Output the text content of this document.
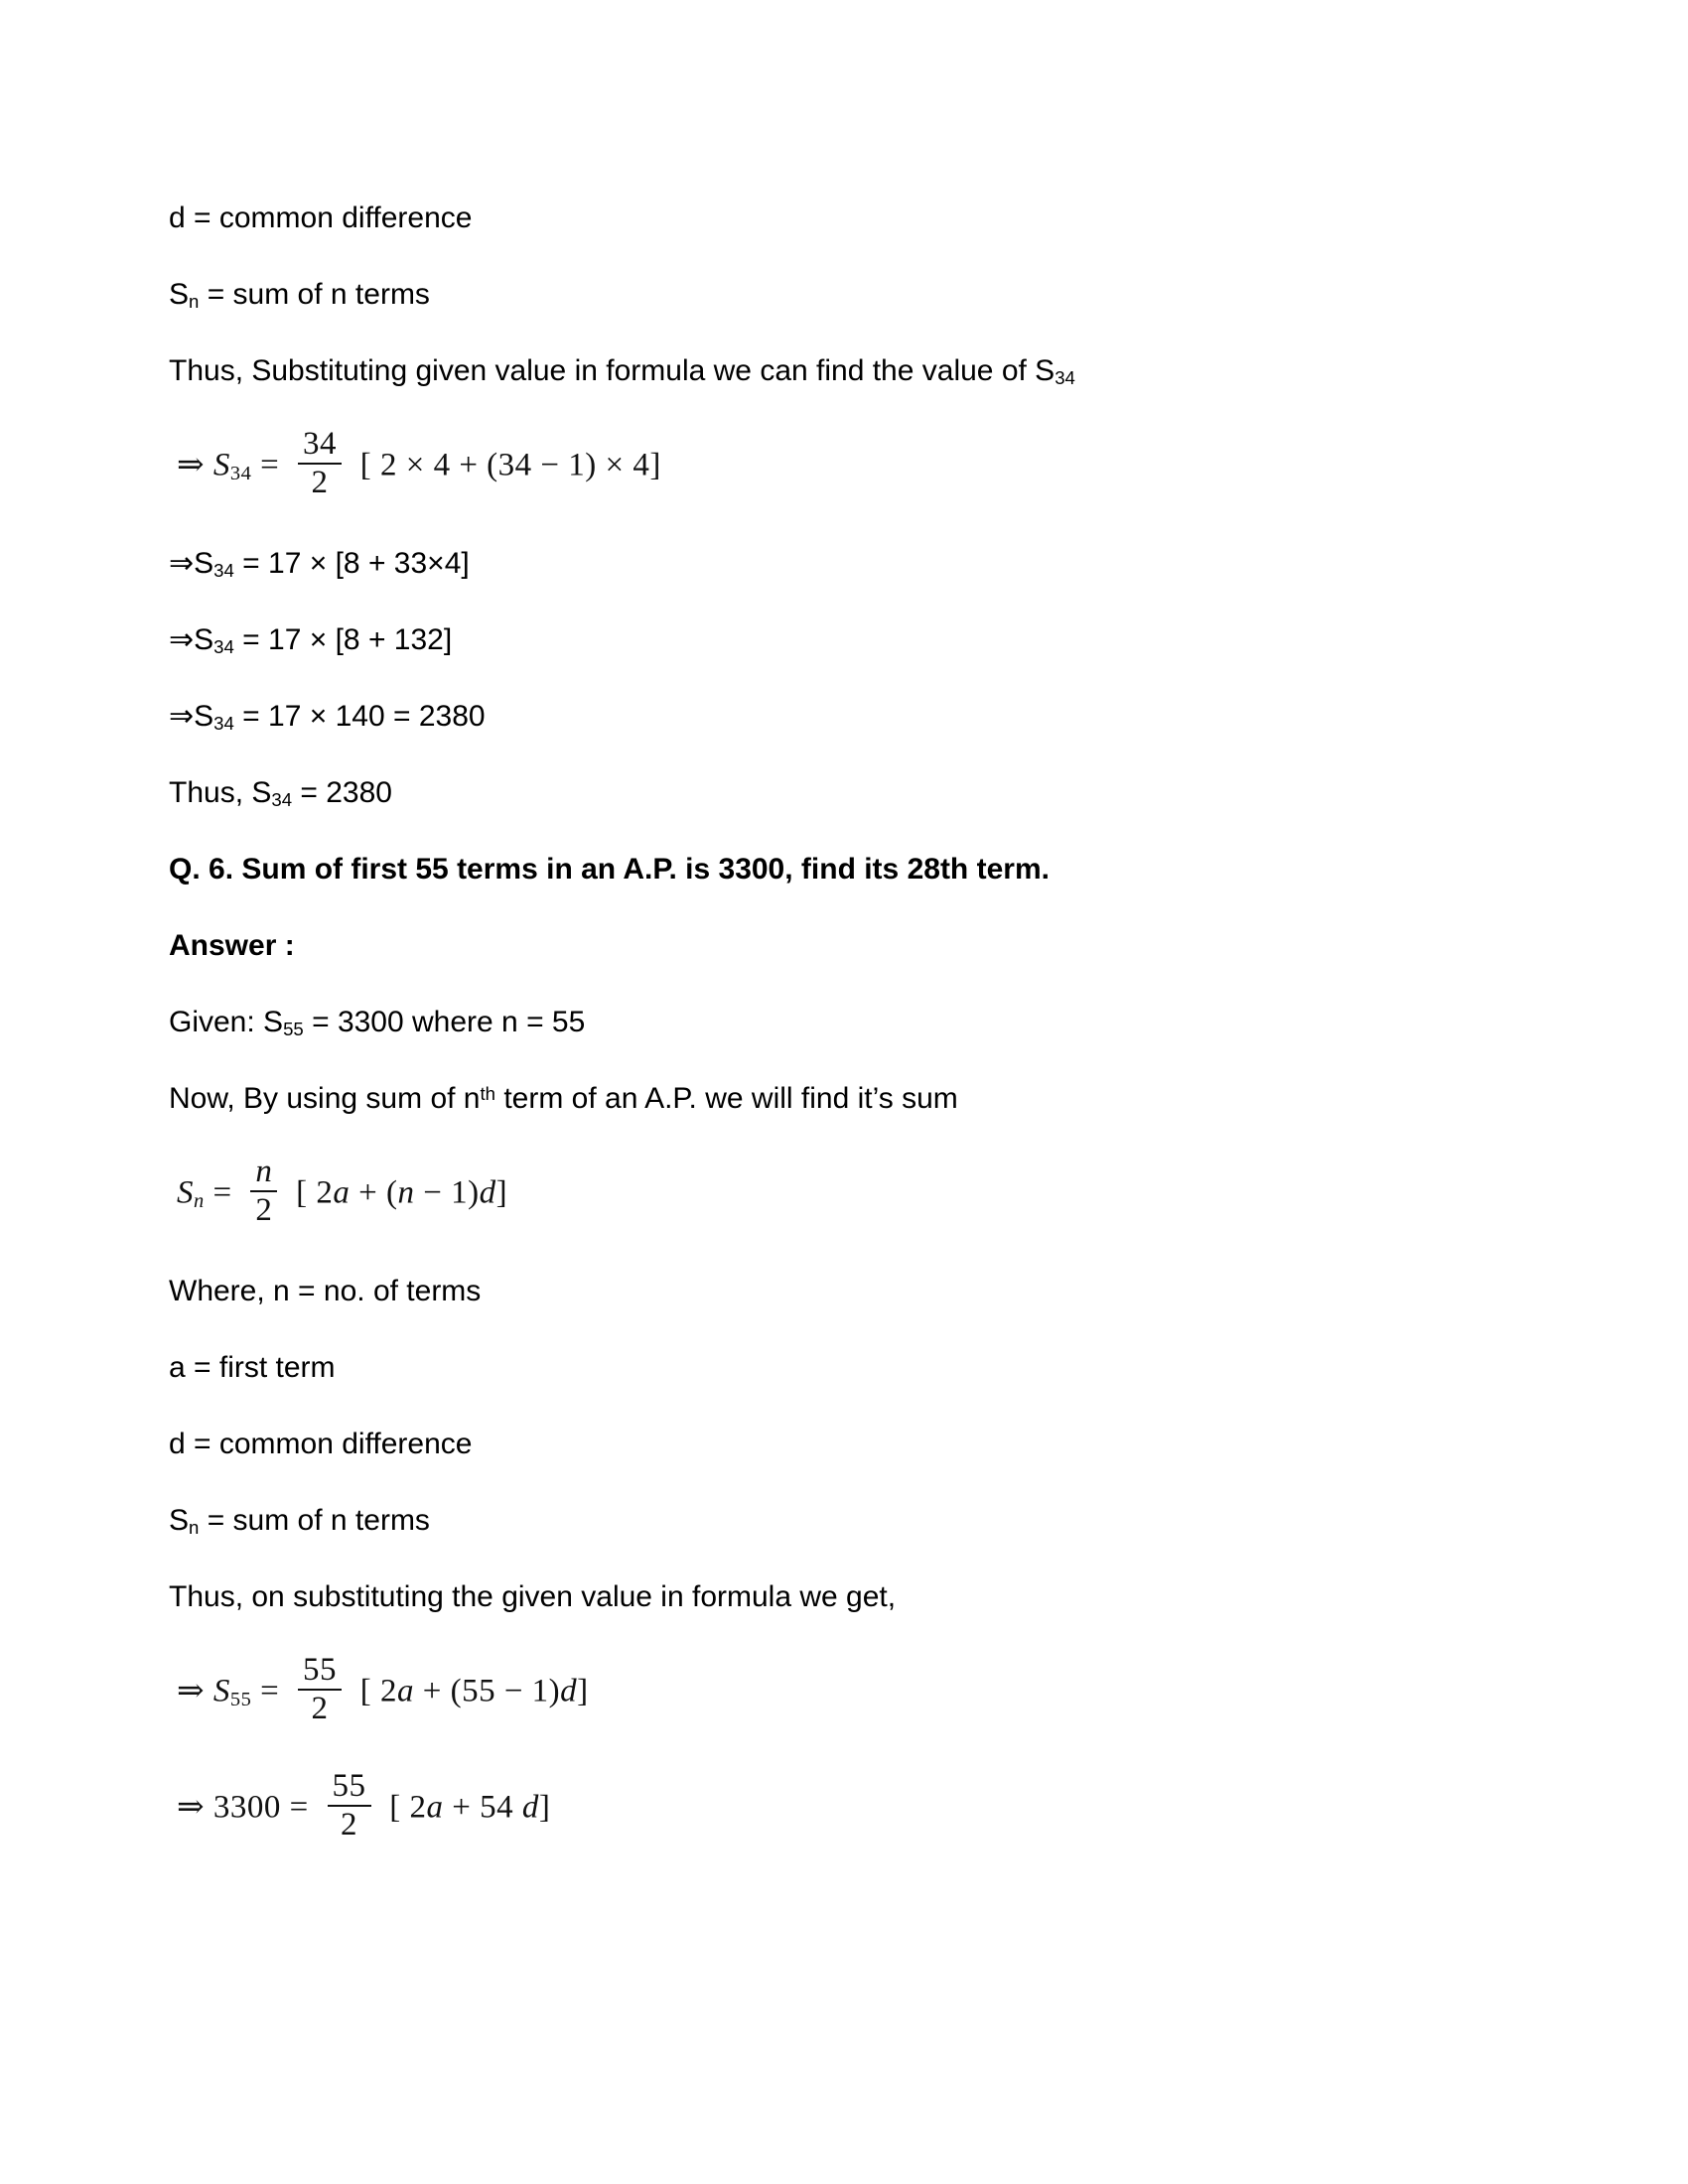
d = common difference
$S_n$ = sum of n terms
Thus, Substituting given value in formula we can find the value of $S_{34}$
⇒ $S_{34} = \frac{34}{2}$ [ 2 × 4 + (34 − 1) × 4]
$\Rightarrow S_{34} = 17 \times [8 + 33\times 4]$
$\Rightarrow S_{34} = 17 \times [8 + 132]$
$\Rightarrow S_{34} = 17 \times 140 = 2380$
Thus, $S_{34} = 2380$
Q. 6. Sum of first 55 terms in an A.P. is 3300, find its 28th term.
Answer :
Given: $S_{55} = 3300$ where n = 55
Now, By using sum of $n^{th}$ term of an A.P. we will find it’s sum
$S_n = \frac{n}{2}$ [ 2a + (n − 1)d]
Where, n = no. of terms
a = first term
d = common difference
$S_n$ = sum of n terms
Thus, on substituting the given value in formula we get,
⇒ $S_{55} = \frac{55}{2}$ [ 2a + (55 − 1)d]
⇒ $3300 = \frac{55}{2}$ [ 2a + 54 d]
